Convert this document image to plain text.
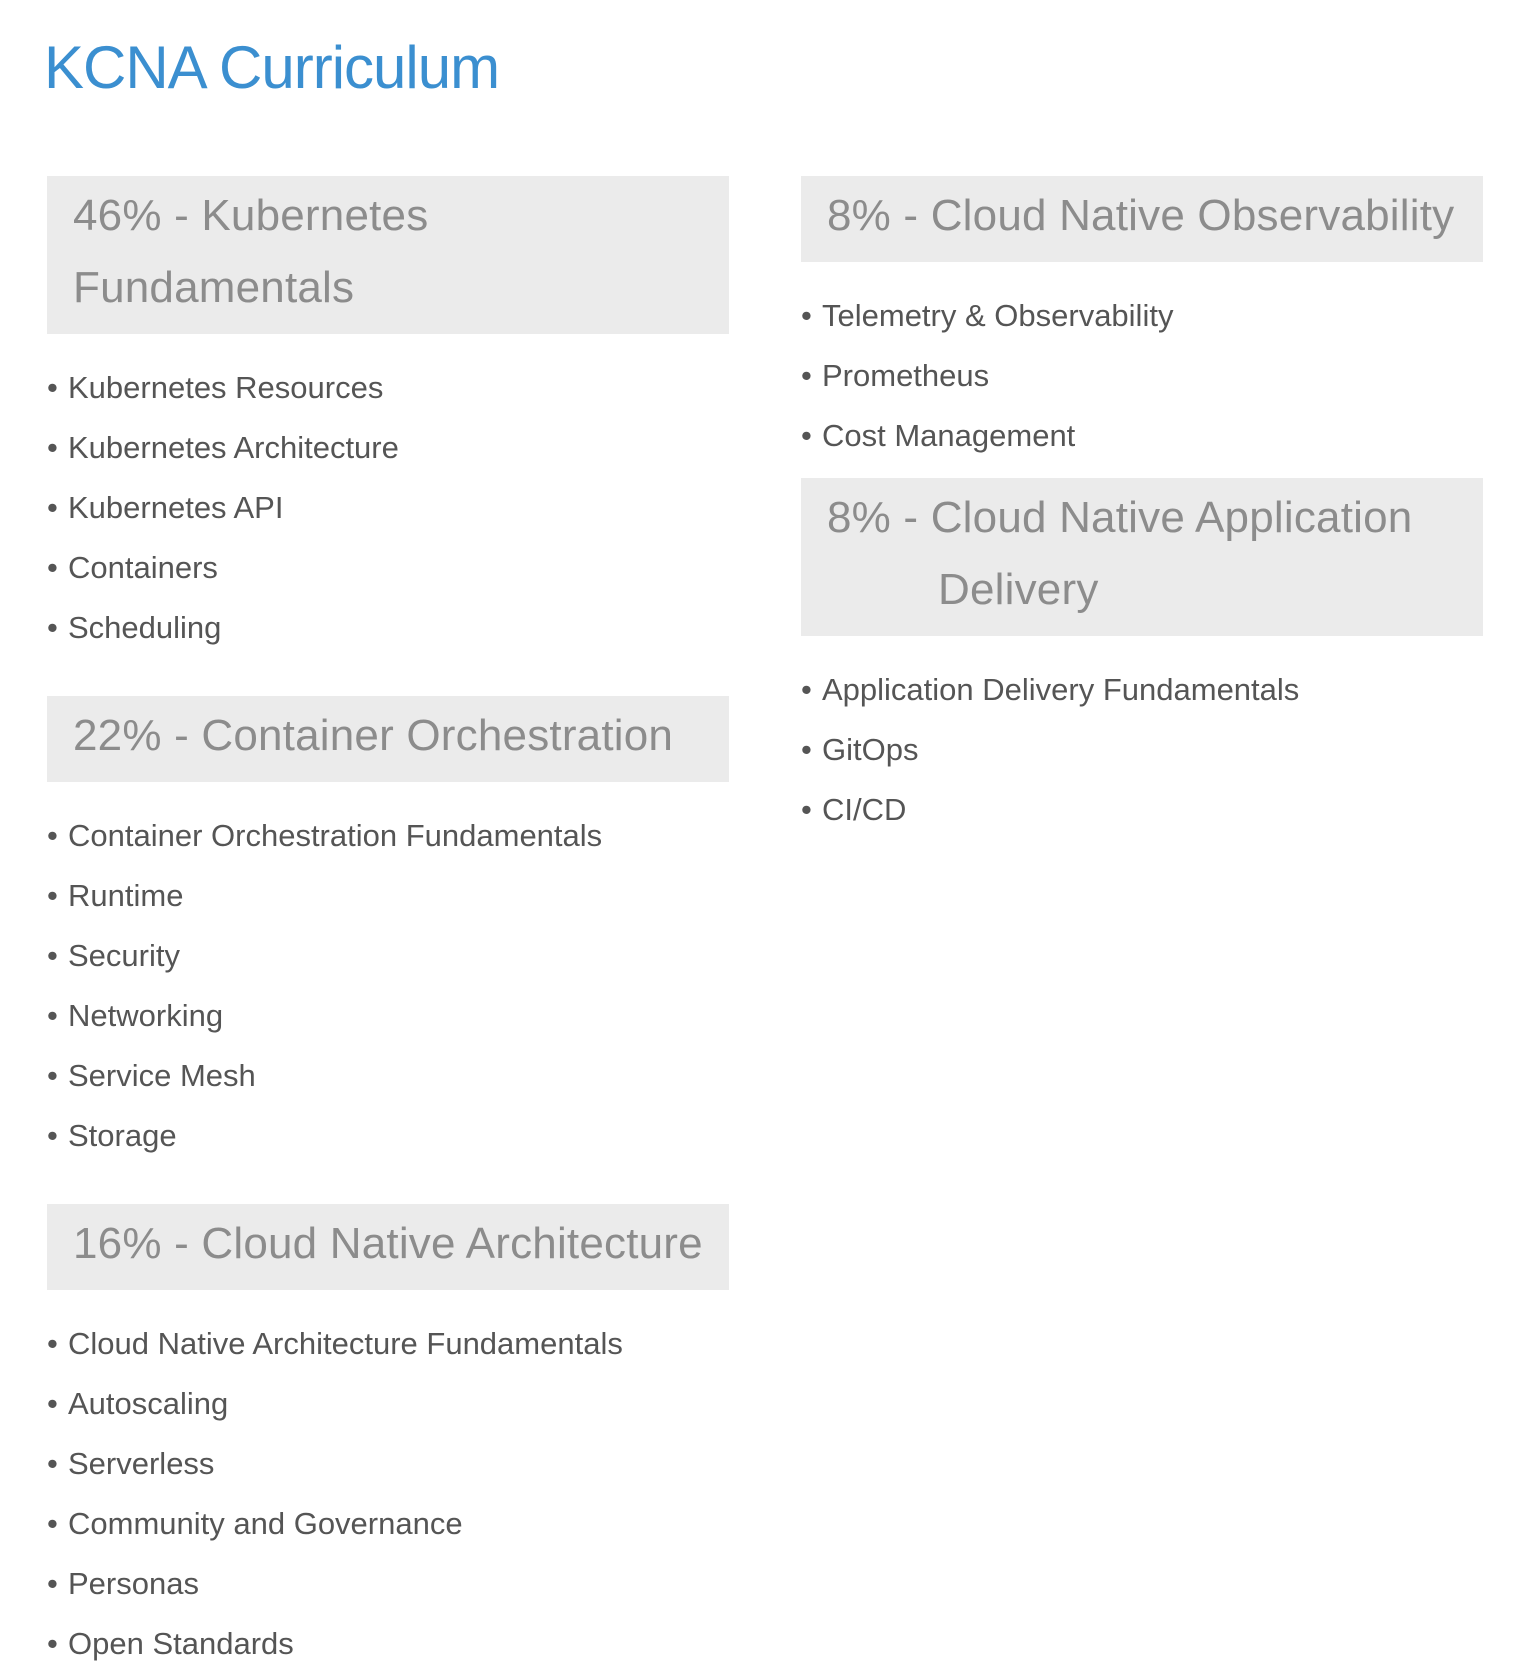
KCNA Curriculum
46% - Kubernetes Fundamentals
• Kubernetes Resources
• Kubernetes Architecture
• Kubernetes API
• Containers
• Scheduling
22% - Container Orchestration
• Container Orchestration Fundamentals
• Runtime
• Security
• Networking
• Service Mesh
• Storage
16% - Cloud Native Architecture
• Cloud Native Architecture Fundamentals
• Autoscaling
• Serverless
• Community and Governance
• Personas
• Open Standards
8% - Cloud Native Observability
• Telemetry & Observability
• Prometheus
• Cost Management
8% - Cloud Native Application Delivery
• Application Delivery Fundamentals
• GitOps
• CI/CD
